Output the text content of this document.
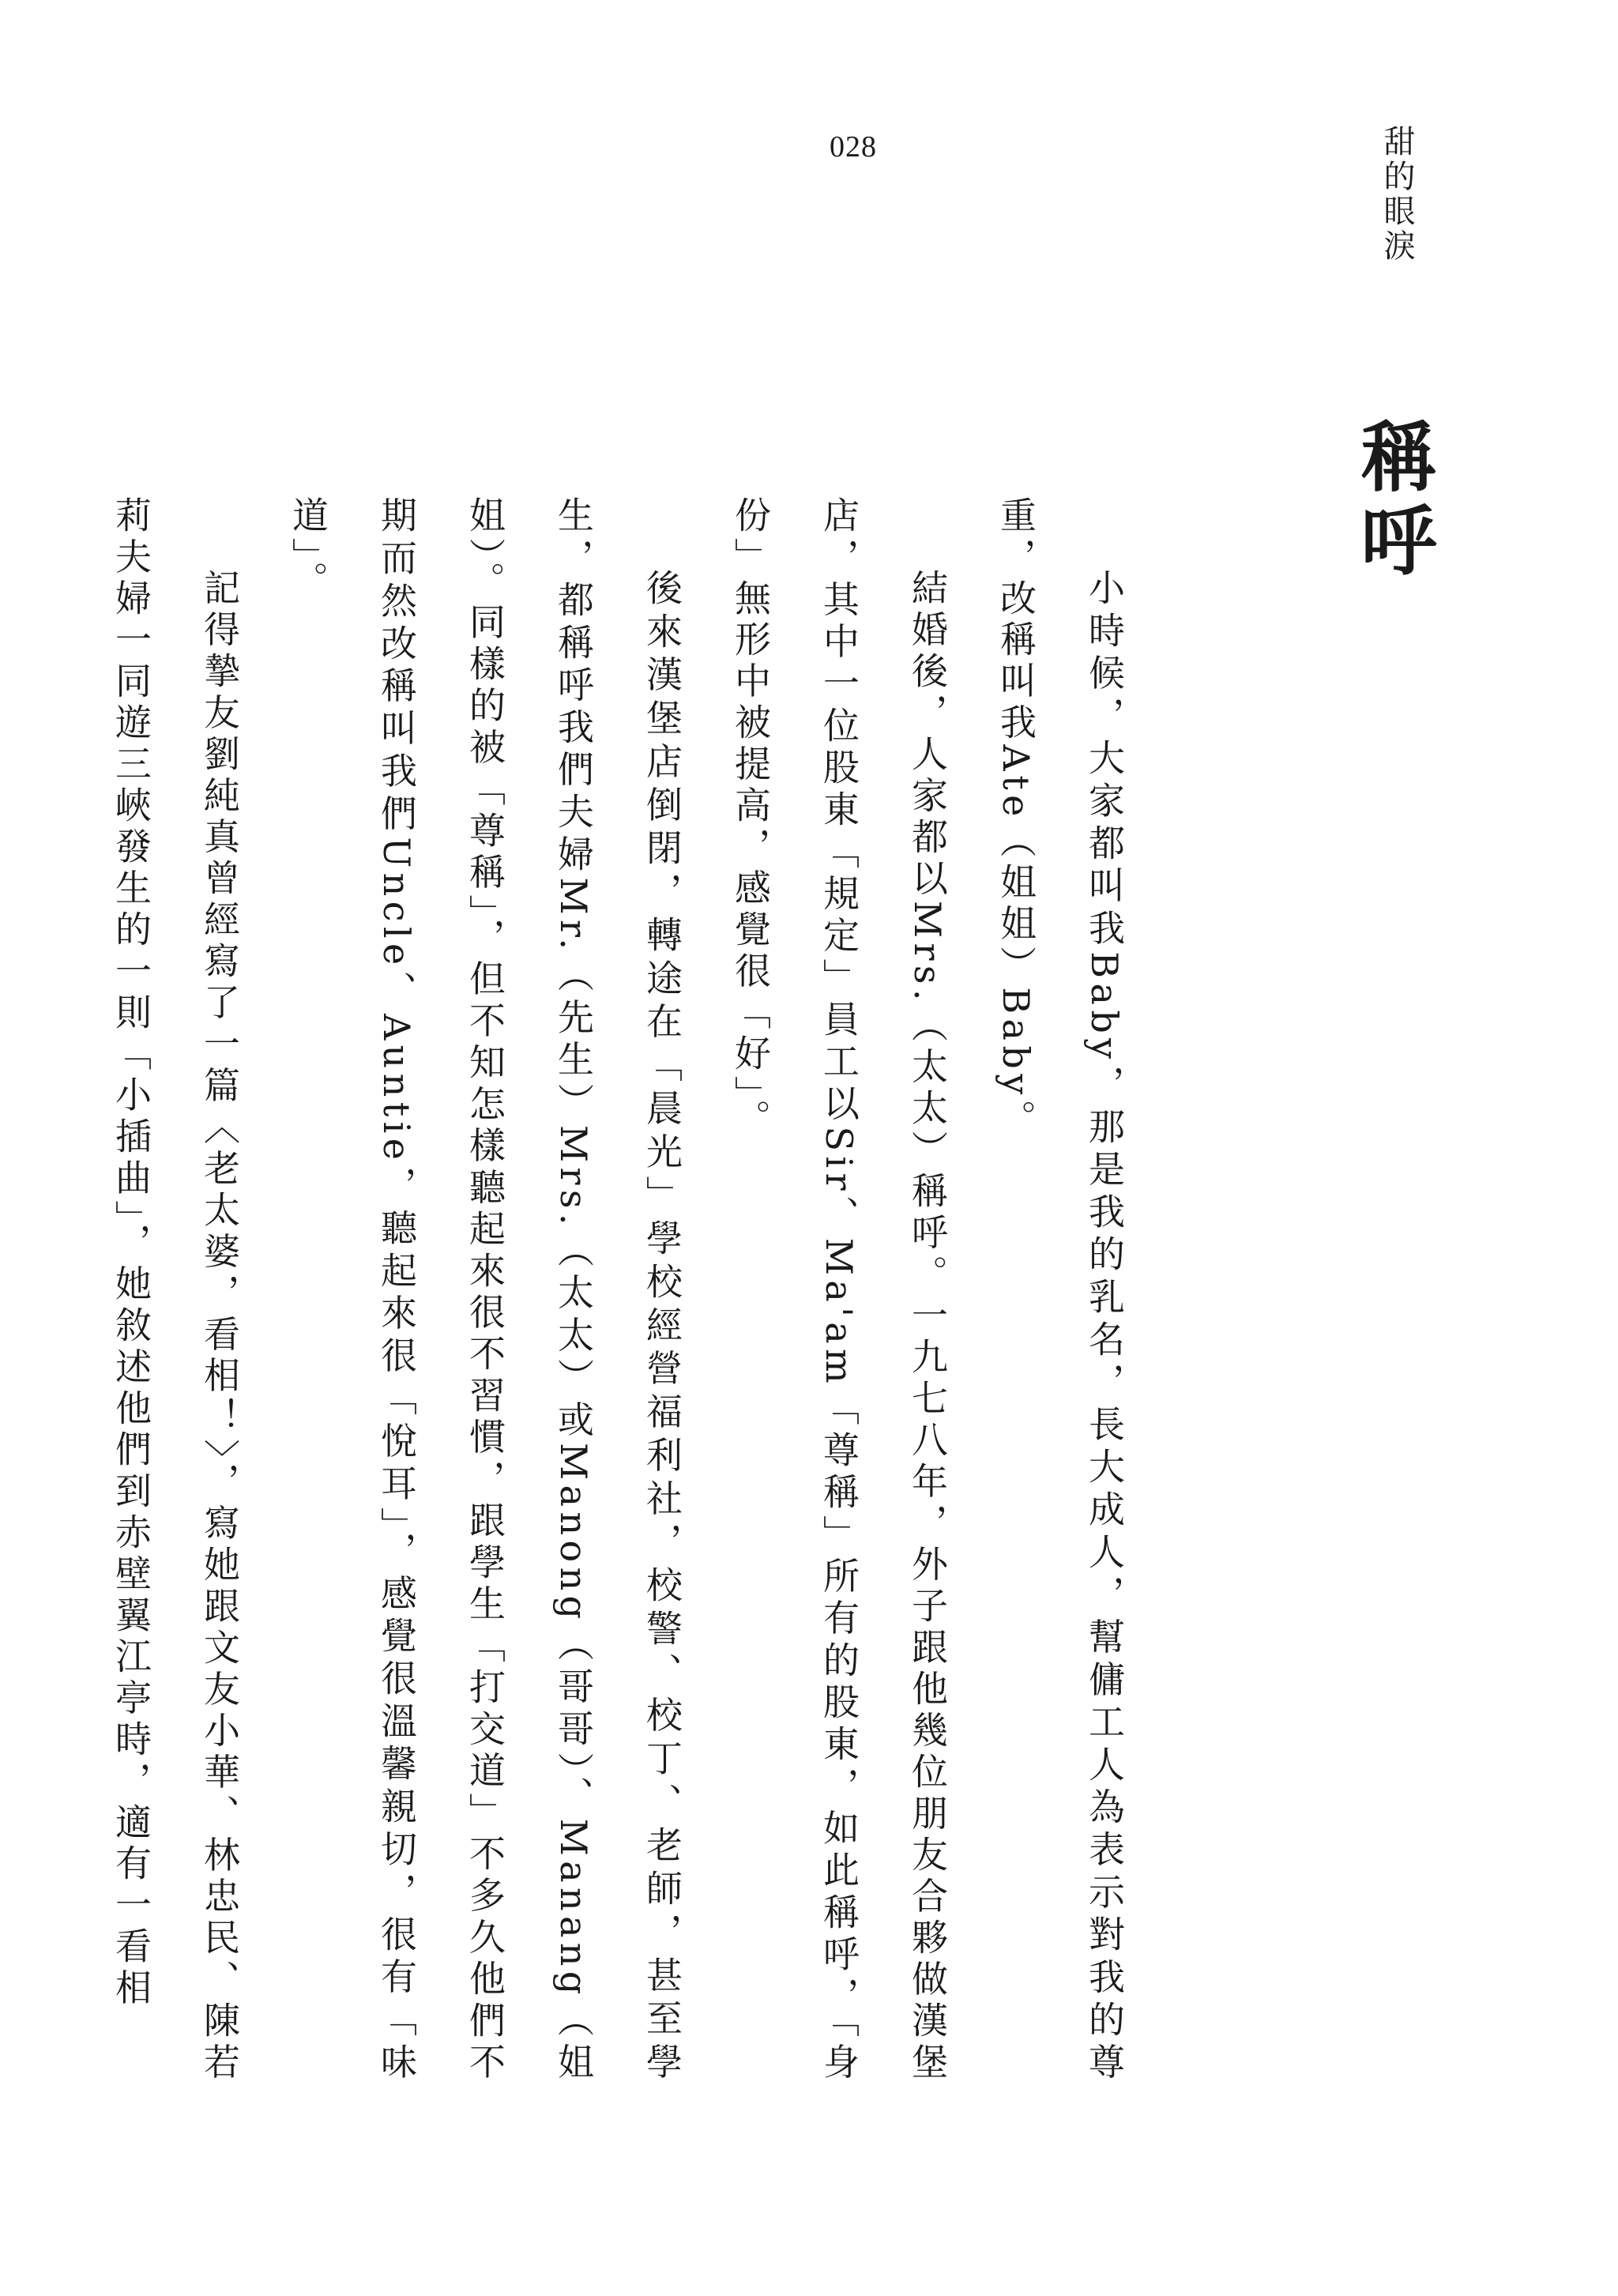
028	甜的眼淚
稱呼

小時候，大家都叫我Baby，那是我的乳名，長大成人，幫傭工人為表示對我的尊重，改稱叫我Ate（姐姐）Baby。

結婚後，人家都以Mrs.（太太）稱呼。一九七八年，外子跟他幾位朋友合夥做漢堡店，其中一位股東「規定」員工以Sir、Ma'am「尊稱」所有的股東，如此稱呼，「身份」無形中被提高，感覺很「好」。

後來漢堡店倒閉，轉途在「晨光」學校經營福利社，校警、校丁、老師，甚至學生，都稱呼我們夫婦Mr.（先生）Mrs.（太太）或Manong（哥哥）、Manang（姐姐）。同樣的被「尊稱」，但不知怎樣聽起來很不習慣，跟學生「打交道」不多久他們不期而然改稱叫我們Uncle、Auntie，聽起來很「悅耳」，感覺很溫馨親切，很有「味道」。

記得摯友劉純真曾經寫了一篇〈老太婆，看相！〉，寫她跟文友小華、林忠民、陳若莉夫婦一同遊三峽發生的一則「小插曲」，她敘述他們到赤壁翼江亭時，適有一看相
